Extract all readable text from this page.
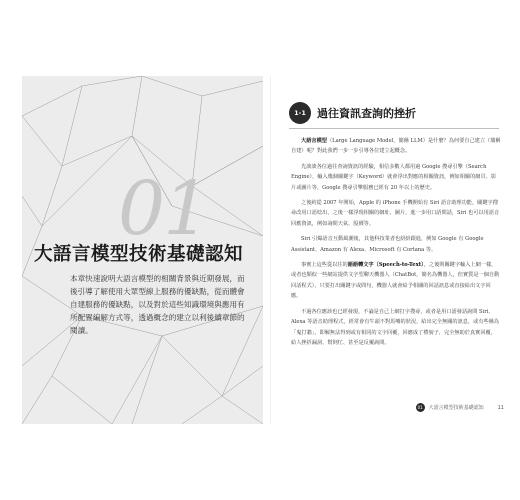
01
大語言模型技術基礎認知

本章快速說明大語言模型的相關背景與近期發展，而後引導了解使用大眾型線上服務的優缺點，從而體會自建服務的優缺點，以及對於這些知識環境與應用有所配置編解方式等，透過概念的建立以利後續章節的閱讀。

1-1	過往資訊查詢的挫折

大語言模型（Large Language Model，簡稱 LLM）是什麼？為何要自己建立（簡稱自建）呢？對此我們一步一步引導各位建立起概念。

先談談各位過往查詢資訊的經驗，相信多數人都用過 Google 搜尋引擎（Search Engine），輸入幾個關鍵字（Keyword）就會浮出對應的相關資訊，例如相關的網頁、影片或圖片等，Google 搜尋引擎服務已經有 20 年以上的歷史。

之後約從 2007 年開始，Apple 的 iPhone 手機開始有 Siri 語音助理功能，關鍵字搜尋改用口語唸出，之後一樣浮現相關的網址、圖片，進一步用口語問話，Siri 也可以用語音回應資訊，例如詢問天氣、股價等。

Siri 引爆語音互動風潮後，其他科技業者也紛紛跟進，例如 Google 有 Google Assistant、Amazon 有 Alexa、Microsoft 有 Cortana 等。

事實上這些從以往的語語轉文字（Speech-to-Text），之後則關鍵字輸入上網一樣，或者也類似一些網站提供文字型聊天機器人（ChatBot，簡名為機器人，但實質是一個自動回話程式），只要打出關鍵字或問句，機器人就會給予相關的回話訊息或直接給出文字回應。

不過各位應該也已經發現，不論是自己上網打字搜尋，或者是用口語發話詢問 Siri、Alexa 等語音助理程式，經常會有牛頭不對馬嘴的狀況，給出完全無關的訊息，或有些稱為「鬼打牆」，即解無法得到或有相同的文字回覆，回應成了禮貌子，完全無助於真實回覆，給人挫折漏洞、幫倒忙、甚至是反覆詢問。

01	大語言模型技術基礎認知	11
